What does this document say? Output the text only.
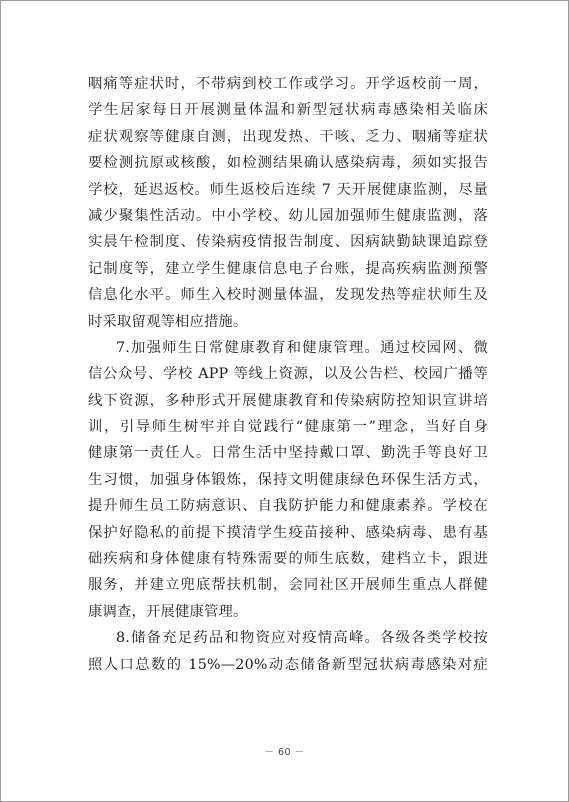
咽痛等症状时，不带病到校工作或学习。开学返校前一周，
学生居家每日开展测量体温和新型冠状病毒感染相关临床
症状观察等健康自测，出现发热、干咳、乏力、咽痛等症状
要检测抗原或核酸，如检测结果确认感染病毒，须如实报告
学校，延迟返校。师生返校后连续 7 天开展健康监测，尽量
减少聚集性活动。中小学校、幼儿园加强师生健康监测，落
实晨午检制度、传染病疫情报告制度、因病缺勤缺课追踪登
记制度等，建立学生健康信息电子台账，提高疾病监测预警
信息化水平。师生入校时测量体温，发现发热等症状师生及
时采取留观等相应措施。

7.加强师生日常健康教育和健康管理。通过校园网、微
信公众号、学校 APP 等线上资源，以及公告栏、校园广播等
线下资源，多种形式开展健康教育和传染病防控知识宣讲培
训，引导师生树牢并自觉践行“健康第一”理念，当好自身
健康第一责任人。日常生活中坚持戴口罩、勤洗手等良好卫
生习惯，加强身体锻炼，保持文明健康绿色环保生活方式，
提升师生员工防病意识、自我防护能力和健康素养。学校在
保护好隐私的前提下摸清学生疫苗接种、感染病毒、患有基
础疾病和身体健康有特殊需要的师生底数，建档立卡，跟进
服务，并建立兜底帮扶机制，会同社区开展师生重点人群健
康调查，开展健康管理。

8.储备充足药品和物资应对疫情高峰。各级各类学校按
照人口总数的 15%—20%动态储备新型冠状病毒感染对症

－ 60 －
